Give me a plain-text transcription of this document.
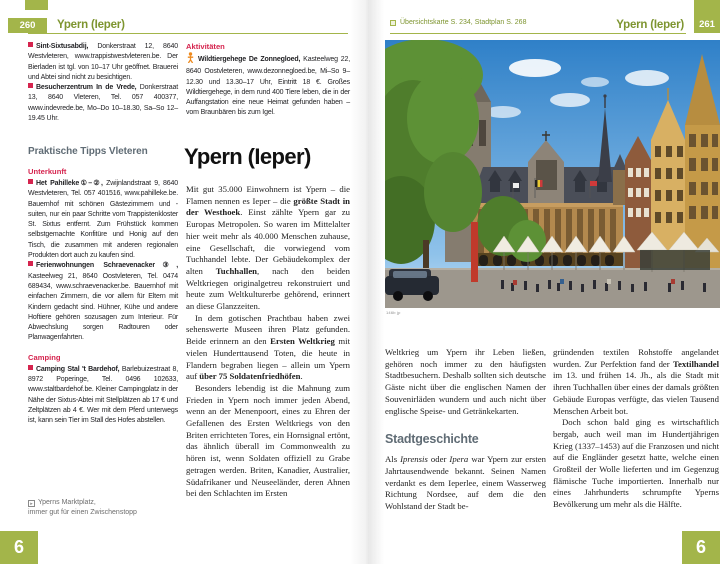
260	Ypern (Ieper)	Übersichtskarte S. 234, Stadtplan S. 268	Ypern (Ieper)	261

Sint-Sixtusabdij, Donkerstraat 12, 8640 Westvleteren, www.trappistwestvleteren.be. Der Bierladen ist tgl. von 10–17 Uhr geöffnet. Brauerei und Abtei sind nicht zu besichtigen.

Besucherzentrum In de Vrede, Donkerstraat 13, 8640 Vleteren, Tel. 057 400377, www.indevrede.be, Mo–Do 10–18.30, Sa–So 12–19.45 Uhr.

Praktische Tipps Vleteren
Unterkunft

Het Pahilleke①–②, Zwijnlandstraat 9, 8640 Westvleteren, Tel. 057 401516, www.pahilleke.be. Bauernhof mit schönen Gästezimmern und -suiten, nur ein paar Schritte vom Trappistenkloster St. Sixtus entfernt. Zum Frühstück kommen selbstgemachte Konfitüre und Honig auf den Tisch, die zusammen mit anderen regionalen Produkten dort auch zu kaufen sind.

Ferienwohnungen Schraevenacker③, Kasteelweg 21, 8640 Oostvleteren, Tel. 0474 689434, www.schraevenacker.be. Bauernhof mit einfachen Zimmern, die vor allem für Eltern mit Kindern gedacht sind. Hühner, Kühe und andere Hoftiere gehören sozusagen zum Interieur. Für Abwechslung sorgen Radtouren oder Planwagenfahrten.

Camping

Camping Stal 't Bardehof, Barlebuizestraat 8, 8972 Poperinge, Tel. 0496 102633, www.staltbardehof.be. Kleiner Campingplatz in der Nähe der Sixtus-Abtei mit Stellplätzen ab 17 € und Zeltplätzen ab 4 €. Wer mit dem Pferd unterwegs ist, kann sein Tier im Stall des Hofes abstellen.

▸ Yperns Marktplatz,
immer gut für einen Zwischenstopp
6
Aktivitäten

Wildtiergehege De Zonnegloed, Kasteelweg 22, 8640 Oostvleteren, www.dezonnegloed.be, Mi–So 9–12.30 und 13.30–17 Uhr, Eintritt 18 €. Großes Wildtiergehege, in dem rund 400 Tiere leben, die in der Auffangstation eine neue Heimat gefunden haben – vom Braunbären bis zum Igel.

Ypern (Ieper)

Mit gut 35.000 Einwohnern ist Ypern – die Flamen nennen es Ieper – die größte Stadt in der Westhoek. Einst zählte Ypern gar zu Europas Metropolen. So waren im Mittelalter hier weit mehr als 40.000 Menschen zuhause, eine Gesellschaft, die vorwiegend vom Tuchhandel lebte. Der Gebäudekomplex der alten Tuchhallen, nach den beiden Weltkriegen originalgetreu rekonstruiert und heute zum Weltkulturerbe gehörend, erinnert an diese Glanzzeiten.

In dem gotischen Prachtbau haben zwei sehenswerte Museen ihren Platz gefunden. Beide erinnern an den Ersten Weltkrieg mit vielen Hunderttausend Toten, die heute in Flandern begraben liegen – allein um Ypern auf über 75 Soldatenfriedhöfen.

Besonders lebendig ist die Mahnung zum Frieden in Ypern noch immer jeden Abend, wenn an der Menenpoort, eines zu Ehren der Gefallenen des Ersten Weltkriegs von den Briten errichteten Tores, ein Hornsignal ertönt, das ähnlich überall im Commonwealth zu hören ist, wenn Soldaten offiziell zu Grabe getragen werden. Briten, Kanadier, Australier, Südafrikaner und Neuseeländer, deren Ahnen bei den Schlachten im Ersten

146b jp

Weltkrieg um Ypern ihr Leben ließen, gehören noch immer zu den häufigsten Stadtbesuchern. Deshalb sollten sich deutsche Gäste nicht über die englischen Namen der Souvenirläden wundern und auch nicht über englische Speise- und Getränkekarten.

Stadtgeschichte

Als Iprensis oder Ipera war Ypern zur ersten Jahrtausendwende bekannt. Seinen Namen verdankt es dem Ieperlee, einem Wasserweg Richtung Nordsee, auf dem die den Wohlstand der Stadt be-

gründenden textilen Rohstoffe angelandet wurden. Zur Perfektion fand der Textilhandel im 13. und frühen 14. Jh., als die Stadt mit ihren Tuchhallen über eines der damals größten Gebäude Europas verfügte, das vielen Tausend Menschen Arbeit bot.

Doch schon bald ging es wirtschaftlich bergab, auch weil man im Hundertjährigen Krieg (1337–1453) auf die Franzosen und nicht auf die Engländer gesetzt hatte, welche einen Großteil der Wolle lieferten und im Gegenzug flämische Tuche importierten. Innerhalb nur eines Jahrhunderts schrumpfte Yperns Bevölkerung um mehr als die Hälfte.

6
